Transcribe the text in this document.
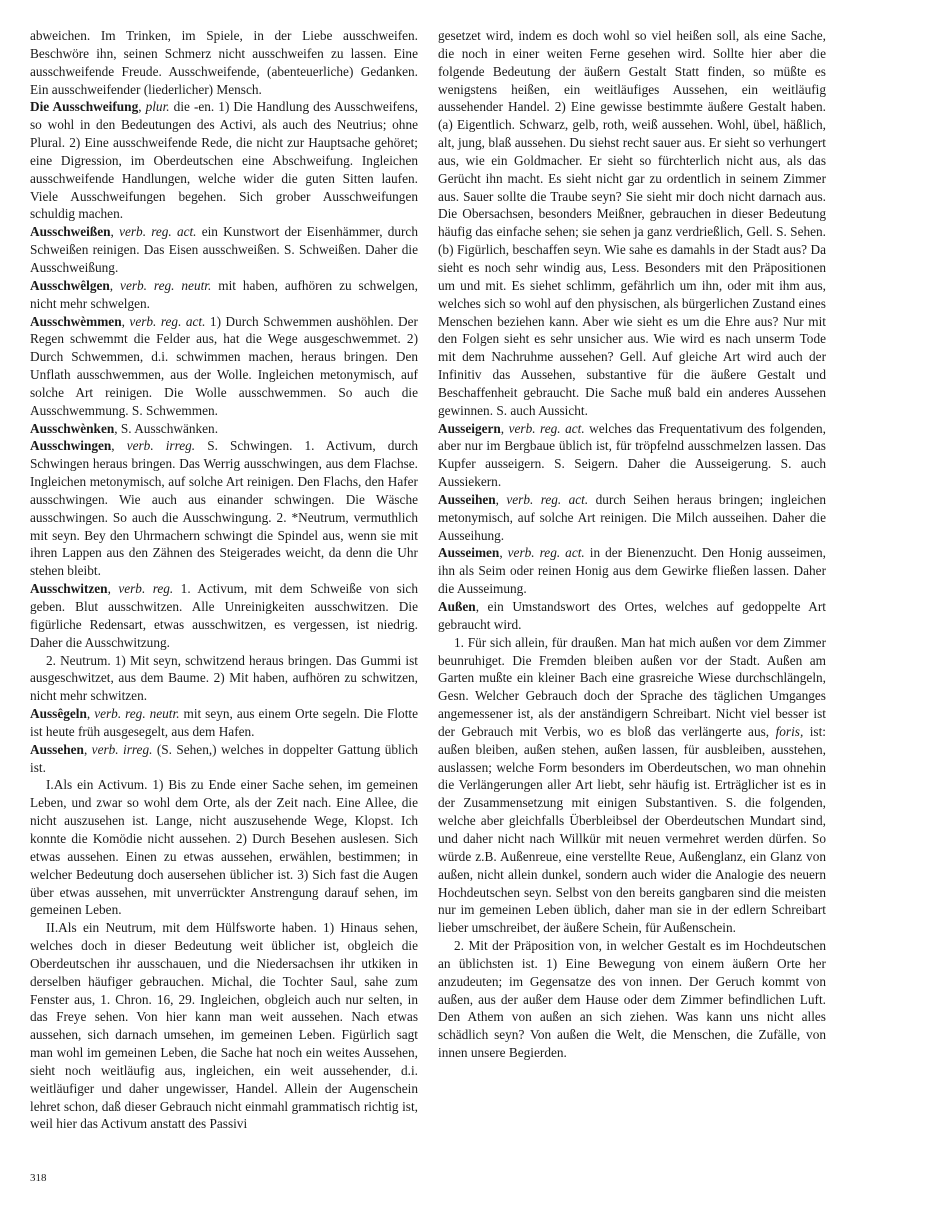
abweichen. Im Trinken, im Spiele, in der Liebe ausschweifen. Beschwöre ihn, seinen Schmerz nicht ausschweifen zu lassen. Eine ausschweifende Freude. Ausschweifende, (abenteuerliche) Gedanken. Ein ausschweifender (liederlicher) Mensch.

Die Ausschweifung, plur. die -en. 1) Die Handlung des Ausschweifens, so wohl in den Bedeutungen des Activi, als auch des Neutrius; ohne Plural. 2) Eine ausschweifende Rede, die nicht zur Hauptsache gehöret; eine Digression, im Oberdeutschen eine Abschweifung. Ingleichen ausschweifende Handlungen, welche wider die guten Sitten laufen. Viele Ausschweifungen begehen. Sich grober Ausschweifungen schuldig machen.

Ausschweißen, verb. reg. act. ein Kunstwort der Eisenhämmer, durch Schweißen reinigen. Das Eisen ausschweißen. S. Schweißen. Daher die Ausschweißung.

Ausschwêlgen, verb. reg. neutr. mit haben, aufhören zu schwelgen, nicht mehr schwelgen.

Ausschwèmmen, verb. reg. act. 1) Durch Schwemmen aushöhlen. Der Regen schwemmt die Felder aus, hat die Wege ausgeschwemmet. 2) Durch Schwemmen, d.i. schwimmen machen, heraus bringen. Den Unflath ausschwemmen, aus der Wolle. Ingleichen metonymisch, auf solche Art reinigen. Die Wolle ausschwemmen. So auch die Ausschwemmung. S. Schwemmen.

Ausschwènken, S. Ausschwänken.

Ausschwingen, verb. irreg. S. Schwingen. 1. Activum, durch Schwingen heraus bringen. Das Werrig ausschwingen, aus dem Flachse. Ingleichen metonymisch, auf solche Art reinigen. Den Flachs, den Hafer ausschwingen. Wie auch aus einander schwingen. Die Wäsche ausschwingen. So auch die Ausschwingung. 2. *Neutrum, vermuthlich mit seyn. Bey den Uhrmachern schwingt die Spindel aus, wenn sie mit ihren Lappen aus den Zähnen des Steigerades weicht, da denn die Uhr stehen bleibt.

Ausschwitzen, verb. reg. 1. Activum, mit dem Schweiße von sich geben. Blut ausschwitzen. Alle Unreinigkeiten ausschwitzen. Die figürliche Redensart, etwas ausschwitzen, es vergessen, ist niedrig. Daher die Ausschwitzung.

2. Neutrum. 1) Mit seyn, schwitzend heraus bringen. Das Gummi ist ausgeschwitzet, aus dem Baume. 2) Mit haben, aufhören zu schwitzen, nicht mehr schwitzen.

Aussêgeln, verb. reg. neutr. mit seyn, aus einem Orte segeln. Die Flotte ist heute früh ausgesegelt, aus dem Hafen.

Aussehen, verb. irreg. (S. Sehen,) welches in doppelter Gattung üblich ist.

I.Als ein Activum. 1) Bis zu Ende einer Sache sehen, im gemeinen Leben, und zwar so wohl dem Orte, als der Zeit nach. Eine Allee, die nicht auszusehen ist. Lange, nicht auszusehende Wege, Klopst. Ich konnte die Komödie nicht aussehen. 2) Durch Besehen auslesen. Sich etwas aussehen. Einen zu etwas aussehen, erwählen, bestimmen; in welcher Bedeutung doch ausersehen üblicher ist. 3) Sich fast die Augen über etwas aussehen, mit unverrückter Anstrengung darauf sehen, im gemeinen Leben.

II.Als ein Neutrum, mit dem Hülfsworte haben. 1) Hinaus sehen, welches doch in dieser Bedeutung weit üblicher ist, obgleich die Oberdeutschen ihr ausschauen, und die Niedersachsen ihr utkiken in derselben häufiger gebrauchen. Michal, die Tochter Saul, sahe zum Fenster aus, 1. Chron. 16, 29. Ingleichen, obgleich auch nur selten, in das Freye sehen. Von hier kann man weit aussehen. Nach etwas aussehen, sich darnach umsehen, im gemeinen Leben. Figürlich sagt man wohl im gemeinen Leben, die Sache hat noch ein weites Aussehen, sieht noch weitläufig aus, ingleichen, ein weit aussehender, d.i. weitläufiger und daher ungewisser, Handel. Allein der Augenschein lehret schon, daß dieser Gebrauch nicht einmahl grammatisch richtig ist, weil hier das Activum anstatt des Passivi

gesetzet wird, indem es doch wohl so viel heißen soll, als eine Sache, die noch in einer weiten Ferne gesehen wird. Sollte hier aber die folgende Bedeutung der äußern Gestalt Statt finden, so müßte es wenigstens heißen, ein weitläufiges Aussehen, ein weitläufig aussehender Handel. 2) Eine gewisse bestimmte äußere Gestalt haben. (a) Eigentlich. Schwarz, gelb, roth, weiß aussehen. Wohl, übel, häßlich, alt, jung, blaß aussehen. Du siehst recht sauer aus. Er sieht so verhungert aus, wie ein Goldmacher. Er sieht so fürchterlich nicht aus, als das Gerücht ihn macht. Es sieht nicht gar zu ordentlich in seinem Zimmer aus. Sauer sollte die Traube seyn? Sie sieht mir doch nicht darnach aus. Die Obersachsen, besonders Meißner, gebrauchen in dieser Bedeutung häufig das einfache sehen; sie sehen ja ganz verdrießlich, Gell. S. Sehen. (b) Figürlich, beschaffen seyn. Wie sahe es damahls in der Stadt aus? Da sieht es noch sehr windig aus, Less. Besonders mit den Präpositionen um und mit. Es siehet schlimm, gefährlich um ihn, oder mit ihm aus, welches sich so wohl auf den physischen, als bürgerlichen Zustand eines Menschen beziehen kann. Aber wie sieht es um die Ehre aus? Nur mit den Folgen sieht es sehr unsicher aus. Wie wird es nach unserm Tode mit dem Nachruhme aussehen? Gell. Auf gleiche Art wird auch der Infinitiv das Aussehen, substantive für die äußere Gestalt und Beschaffenheit gebraucht. Die Sache muß bald ein anderes Aussehen gewinnen. S. auch Aussicht.

Ausseigern, verb. reg. act. welches das Frequentativum des folgenden, aber nur im Bergbaue üblich ist, für tröpfelnd ausschmelzen lassen. Das Kupfer ausseigern. S. Seigern. Daher die Ausseigerung. S. auch Aussiekern.

Ausseihen, verb. reg. act. durch Seihen heraus bringen; ingleichen metonymisch, auf solche Art reinigen. Die Milch ausseihen. Daher die Ausseihung.

Ausseimen, verb. reg. act. in der Bienenzucht. Den Honig ausseimen, ihn als Seim oder reinen Honig aus dem Gewirke fließen lassen. Daher die Ausseimung.

Außen, ein Umstandswort des Ortes, welches auf gedoppelte Art gebraucht wird.

1. Für sich allein, für draußen. Man hat mich außen vor dem Zimmer beunruhiget. Die Fremden bleiben außen vor der Stadt. Außen am Garten mußte ein kleiner Bach eine grasreiche Wiese durchschlängeln, Gesn. Welcher Gebrauch doch der Sprache des täglichen Umganges angemessener ist, als der anständigern Schreibart. Nicht viel besser ist der Gebrauch mit Verbis, wo es bloß das verlängerte aus, foris, ist: außen bleiben, außen stehen, außen lassen, für ausbleiben, ausstehen, auslassen; welche Form besonders im Oberdeutschen, wo man ohnehin die Verlängerungen aller Art liebt, sehr häufig ist. Erträglicher ist es in der Zusammensetzung mit einigen Substantiven. S. die folgenden, welche aber gleichfalls Überbleibsel der Oberdeutschen Mundart sind, und daher nicht nach Willkür mit neuen vermehret werden dürfen. So würde z.B. Außenreue, eine verstellte Reue, Außenglanz, ein Glanz von außen, nicht allein dunkel, sondern auch wider die Analogie des neuern Hochdeutschen seyn. Selbst von den bereits gangbaren sind die meisten nur im gemeinen Leben üblich, daher man sie in der edlern Schreibart lieber umschreibet, der äußere Schein, für Außenschein.

2. Mit der Präposition von, in welcher Gestalt es im Hochdeutschen an üblichsten ist. 1) Eine Bewegung von einem äußern Orte her anzudeuten; im Gegensatze des von innen. Der Geruch kommt von außen, aus der außer dem Hause oder dem Zimmer befindlichen Luft. Den Athem von außen an sich ziehen. Was kann uns nicht alles schädlich seyn? Von außen die Welt, die Menschen, die Zufälle, von innen unsere Begierden.

318
